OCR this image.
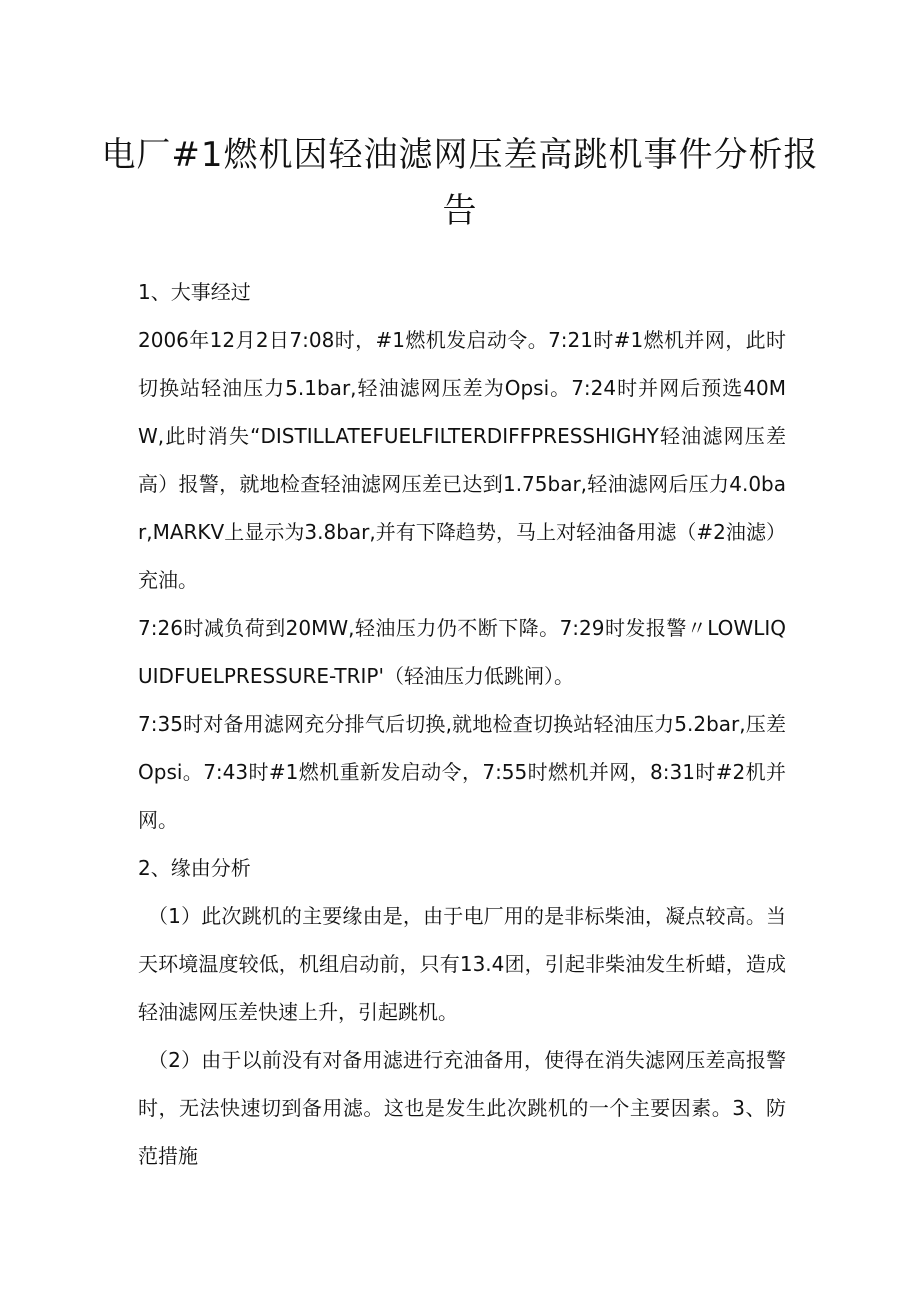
电厂#1燃机因轻油滤网压差高跳机事件分析报告

1、大事经过

2006年12月2日7:08时，#1燃机发启动令。7:21时#1燃机并网，此时切换站轻油压力5.1bar,轻油滤网压差为Opsi。7:24时并网后预选40MW,此时消失“DISTILLATEFUELFILTERDIFFPRESSHIGHY轻油滤网压差高）报警，就地检查轻油滤网压差已达到1.75bar,轻油滤网后压力4.0bar,MARKV上显示为3.8bar,并有下降趋势，马上对轻油备用滤（#2油滤）充油。

7:26时减负荷到20MW,轻油压力仍不断下降。7:29时发报警〃LOWLIQUIDFUELPRESSURE-TRIP'（轻油压力低跳闸）。

7:35时对备用滤网充分排气后切换,就地检查切换站轻油压力5.2bar,压差Opsi。7:43时#1燃机重新发启动令，7:55时燃机并网，8:31时#2机并网。

2、缘由分析

（1）此次跳机的主要缘由是，由于电厂用的是非标柴油，凝点较高。当天环境温度较低，机组启动前，只有13.4团，引起非柴油发生析蜡，造成轻油滤网压差快速上升，引起跳机。

（2）由于以前没有对备用滤进行充油备用，使得在消失滤网压差高报警时，无法快速切到备用滤。这也是发生此次跳机的一个主要因素。3、防范措施
